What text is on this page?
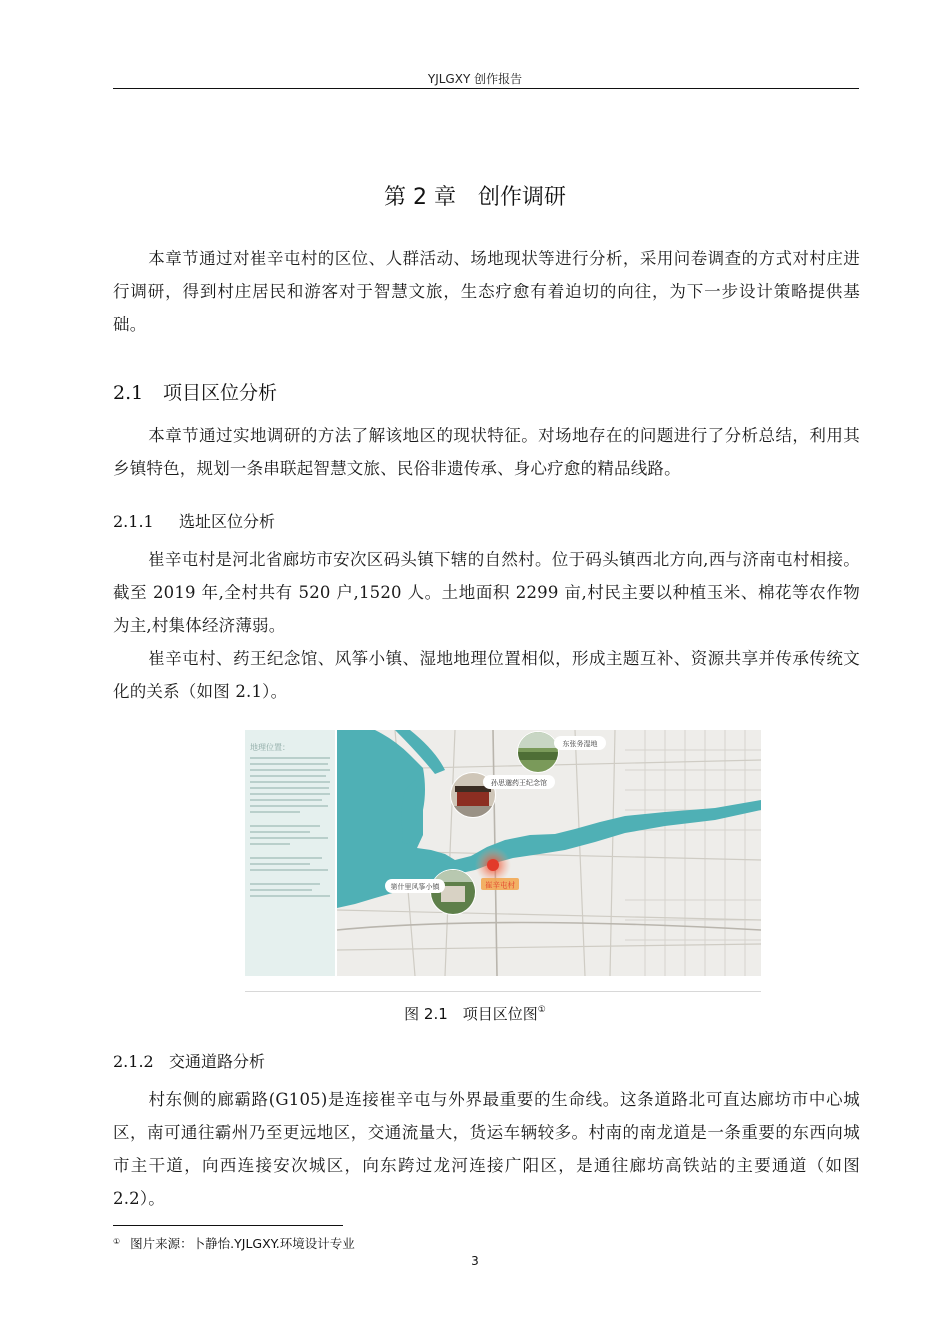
YJLGXY 创作报告
第 2 章 创作调研
本章节通过对崔辛屯村的区位、人群活动、场地现状等进行分析，采用问卷调查的方式对村庄进行调研，得到村庄居民和游客对于智慧文旅，生态疗愈有着迫切的向往，为下一步设计策略提供基础。
2.1 项目区位分析
本章节通过实地调研的方法了解该地区的现状特征。对场地存在的问题进行了分析总结，利用其乡镇特色，规划一条串联起智慧文旅、民俗非遗传承、身心疗愈的精品线路。
2.1.1 选址区位分析
崔辛屯村是河北省廊坊市安次区码头镇下辖的自然村。位于码头镇西北方向,西与济南屯村相接。截至 2019 年,全村共有 520 户,1520 人。土地面积 2299 亩,村民主要以种植玉米、棉花等农作物为主,村集体经济薄弱。
崔辛屯村、药王纪念馆、风筝小镇、湿地地理位置相似，形成主题互补、资源共享并传承传统文化的关系（如图 2.1）。
地理位置：
崔辛屯村
东张务湿地
孙思邈药王纪念馆
第什里风筝小镇
图 2.1　项目区位图①
2.1.2 交通道路分析
村东侧的廊霸路(G105)是连接崔辛屯与外界最重要的生命线。这条道路北可直达廊坊市中心城区，南可通往霸州乃至更远地区，交通流量大，货运车辆较多。村南的南龙道是一条重要的东西向城市主干道，向西连接安次城区，向东跨过龙河连接广阳区，是通往廊坊高铁站的主要通道（如图 2.2）。
① 图片来源：卜静怡.YJLGXY.环境设计专业
3
